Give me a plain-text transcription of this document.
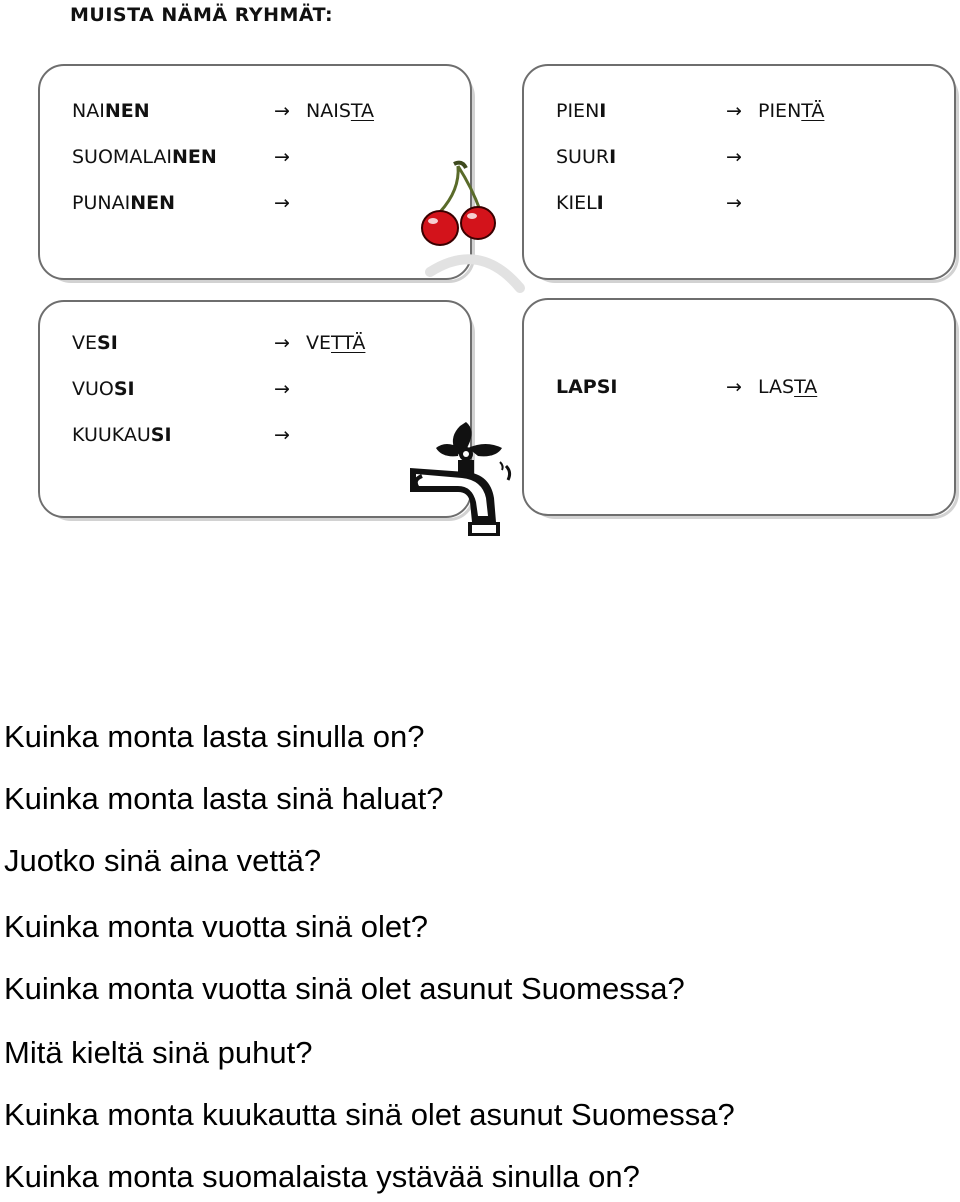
MUISTA NÄMÄ RYHMÄT:
NAINEN	→ NAISTA
SUOMALAINEN	→
PUNAINEN	→
PIENI	→ PIENTÄ
SUURI	→
KIELI	→
VESI	→ VETTÄ
VUOSI	→
KUUKAUSI	→
LAPSI	→ LASTA
Kuinka monta lasta sinulla on?
Kuinka monta lasta sinä haluat?
Juotko sinä aina vettä?
Kuinka monta vuotta sinä olet?
Kuinka monta vuotta sinä olet asunut Suomessa?
Mitä kieltä sinä puhut?
Kuinka monta kuukautta sinä olet asunut Suomessa?
Kuinka monta suomalaista ystävää sinulla on?
